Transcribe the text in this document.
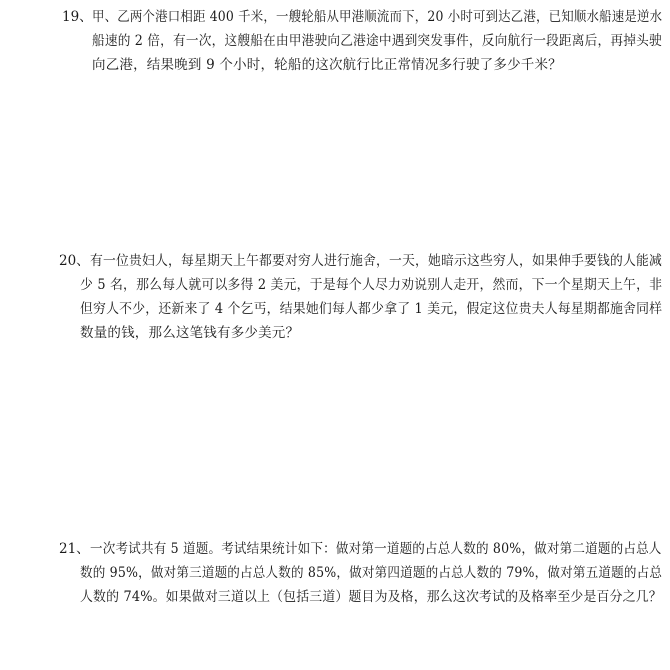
19、 甲、乙两个港口相距 400 千米，一艘轮船从甲港顺流而下，20 小时可到达乙港，已知顺水船速是逆水
船速的 2 倍，有一次，这艘船在由甲港驶向乙港途中遇到突发事件，反向航行一段距离后，再掉头驶
向乙港，结果晚到 9 个小时，轮船的这次航行比正常情况多行驶了多少千米？
20、 有一位贵妇人，每星期天上午都要对穷人进行施舍，一天，她暗示这些穷人，如果伸手要钱的人能减
少 5 名，那么每人就可以多得 2 美元，于是每个人尽力劝说别人走开，然而，下一个星期天上午，非
但穷人不少，还新来了 4 个乞丐，结果她们每人都少拿了 1 美元，假定这位贵夫人每星期都施舍同样
数量的钱，那么这笔钱有多少美元？
21、 一次考试共有 5 道题。考试结果统计如下：做对第一道题的占总人数的 80%，做对第二道题的占总人
数的 95%，做对第三道题的占总人数的 85%，做对第四道题的占总人数的 79%，做对第五道题的占总
人数的 74%。如果做对三道以上（包括三道）题目为及格，那么这次考试的及格率至少是百分之几？
